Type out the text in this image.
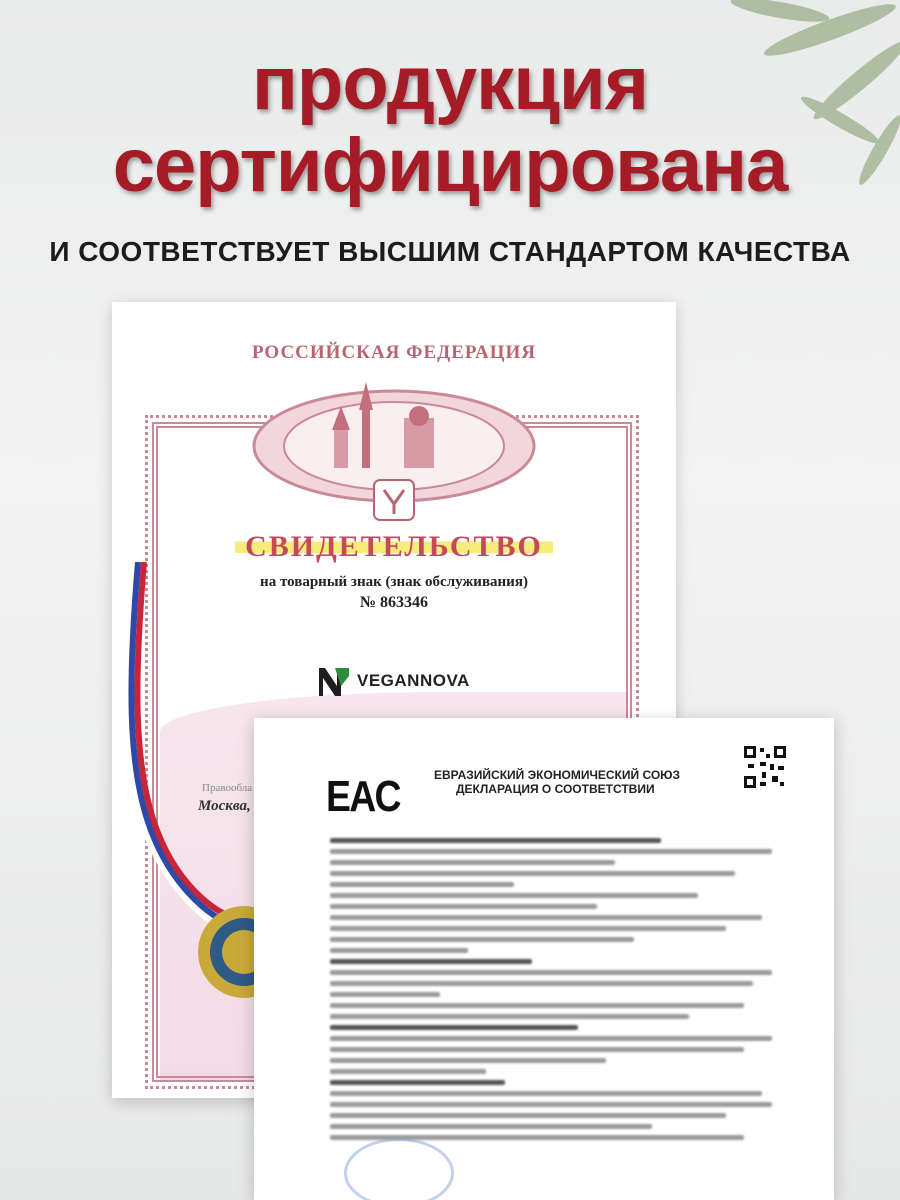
продукция
сертифицирована
И СООТВЕТСТВУЕТ ВЫСШИМ СТАНДАРТОМ КАЧЕСТВА
РОССИЙСКАЯ ФЕДЕРАЦИЯ
СВИДЕТЕЛЬСТВО
на товарный знак (знак обслуживания)
№ 863346
VEGANNOVA
Правообла
Москва, EAC	ЕВРАЗИЙСКИЙ ЭКОНОМИЧЕСКИЙ СОЮЗ
ДЕКЛАРАЦИЯ О СООТВЕТСТВИИ
